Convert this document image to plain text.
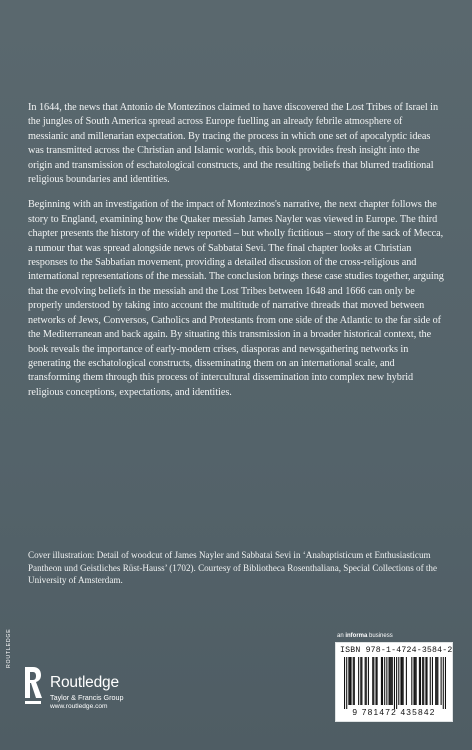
In 1644, the news that Antonio de Montezinos claimed to have discovered the Lost Tribes of Israel in the jungles of South America spread across Europe fuelling an already febrile atmosphere of messianic and millenarian expectation. By tracing the process in which one set of apocalyptic ideas was transmitted across the Christian and Islamic worlds, this book provides fresh insight into the origin and transmission of eschatological constructs, and the resulting beliefs that blurred traditional religious boundaries and identities.

Beginning with an investigation of the impact of Montezinos's narrative, the next chapter follows the story to England, examining how the Quaker messiah James Nayler was viewed in Europe. The third chapter presents the history of the widely reported – but wholly fictitious – story of the sack of Mecca, a rumour that was spread alongside news of Sabbatai Sevi. The final chapter looks at Christian responses to the Sabbatian movement, providing a detailed discussion of the cross-religious and international representations of the messiah. The conclusion brings these case studies together, arguing that the evolving beliefs in the messiah and the Lost Tribes between 1648 and 1666 can only be properly understood by taking into account the multitude of narrative threads that moved between networks of Jews, Conversos, Catholics and Protestants from one side of the Atlantic to the far side of the Mediterranean and back again. By situating this transmission in a broader historical context, the book reveals the importance of early-modern crises, diasporas and newsgathering networks in generating the eschatological constructs, disseminating them on an international scale, and transforming them through this process of intercultural dissemination into complex new hybrid religious conceptions, expectations, and identities.

Cover illustration: Detail of woodcut of James Nayler and Sabbatai Sevi in ‘Anabaptisticum et Enthusiasticum Pantheon und Geistliches Rüst-Hauss’ (1702). Courtesy of Bibliotheca Rosenthaliana, Special Collections of the University of Amsterdam.
an informa business
ISBN 978-1-4724-3584-2
9 781472 435842
ROUTLEDGE
Routledge
Taylor & Francis Group
www.routledge.com
